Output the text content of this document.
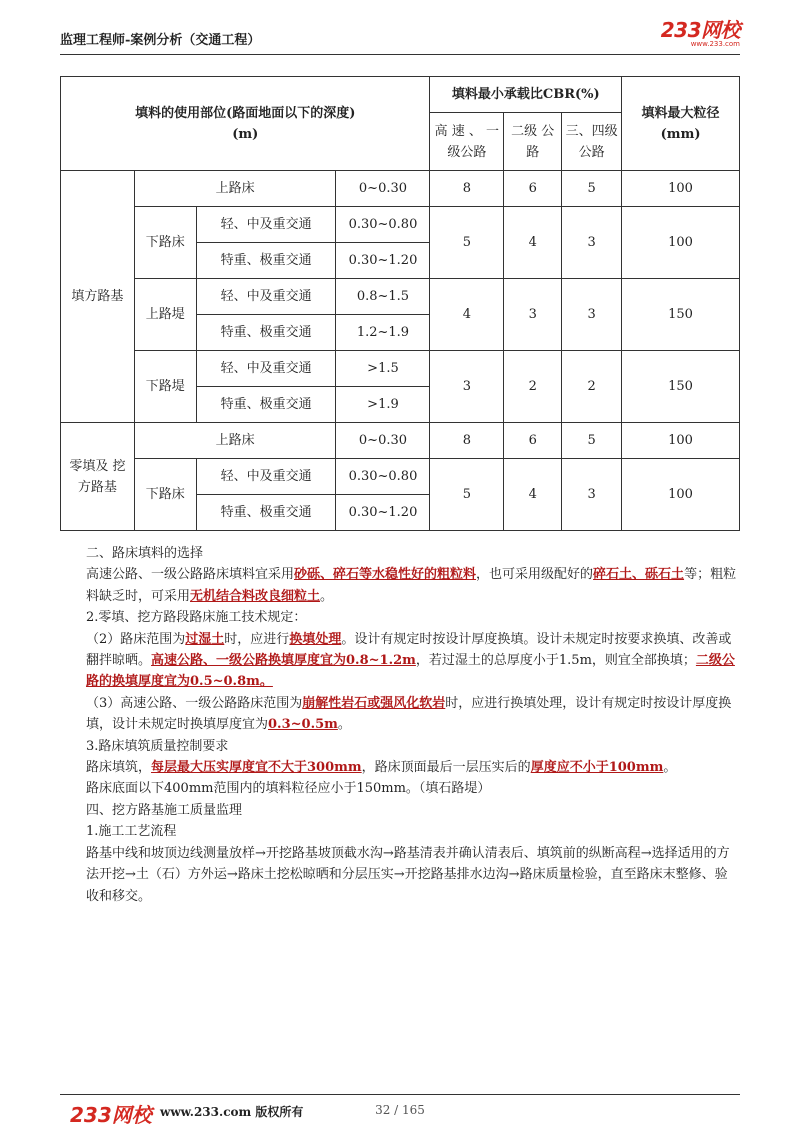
监理工程师-案例分析（交通工程）	233网校
www.233.com
填料的使用部位(路面地面以下的深度)
(m)				填料最小承载比CBR(%)			填料最大粒径 (mm)
				高 速 、 一级公路	二级 公路	三、四级 公路	
填方路基	上路床		0~0.30	8	6	5	100
	下路床	轻、中及重交通	0.30~0.80	5	4	3	100
		特重、极重交通	0.30~1.20				
	上路堤	轻、中及重交通	0.8~1.5	4	3	3	150
		特重、极重交通	1.2~1.9				
	下路堤	轻、中及重交通	>1.5	3	2	2	150
		特重、极重交通	>1.9				
零填及 挖方路基	上路床		0~0.30	8	6	5	100
	下路床	轻、中及重交通	0.30~0.80	5	4	3	100
		特重、极重交通	0.30~1.20				

二、路床填料的选择

高速公路、一级公路路床填料宜采用砂砾、碎石等水稳性好的粗粒料，也可采用级配好的碎石土、砾石土等；粗粒料缺乏时，可采用无机结合料改良细粒土。

2.零填、挖方路段路床施工技术规定：

（2）路床范围为过湿土时，应进行换填处理。设计有规定时按设计厚度换填。设计未规定时按要求换填、改善或翻拌晾晒。高速公路、一级公路换填厚度宜为0.8~1.2m，若过湿土的总厚度小于1.5m，则宜全部换填；二级公路的换填厚度宜为0.5~0.8m。

（3）高速公路、一级公路路床范围为崩解性岩石或强风化软岩时，应进行换填处理，设计有规定时按设计厚度换填，设计未规定时换填厚度宜为0.3~0.5m。

3.路床填筑质量控制要求

路床填筑，每层最大压实厚度宜不大于300mm，路床顶面最后一层压实后的厚度应不小于100mm。

路床底面以下400mm范围内的填料粒径应小于150mm。（填石路堤）

四、挖方路基施工质量监理

1.施工工艺流程

路基中线和坡顶边线测量放样→开挖路基坡顶截水沟→路基清表并确认清表后、填筑前的纵断高程→选择适用的方法开挖→土（石）方外运→路床土挖松晾晒和分层压实→开挖路基排水边沟→路床质量检验，直至路床末整修、验收和移交。

233网校 www.233.com 版权所有	32 / 165
